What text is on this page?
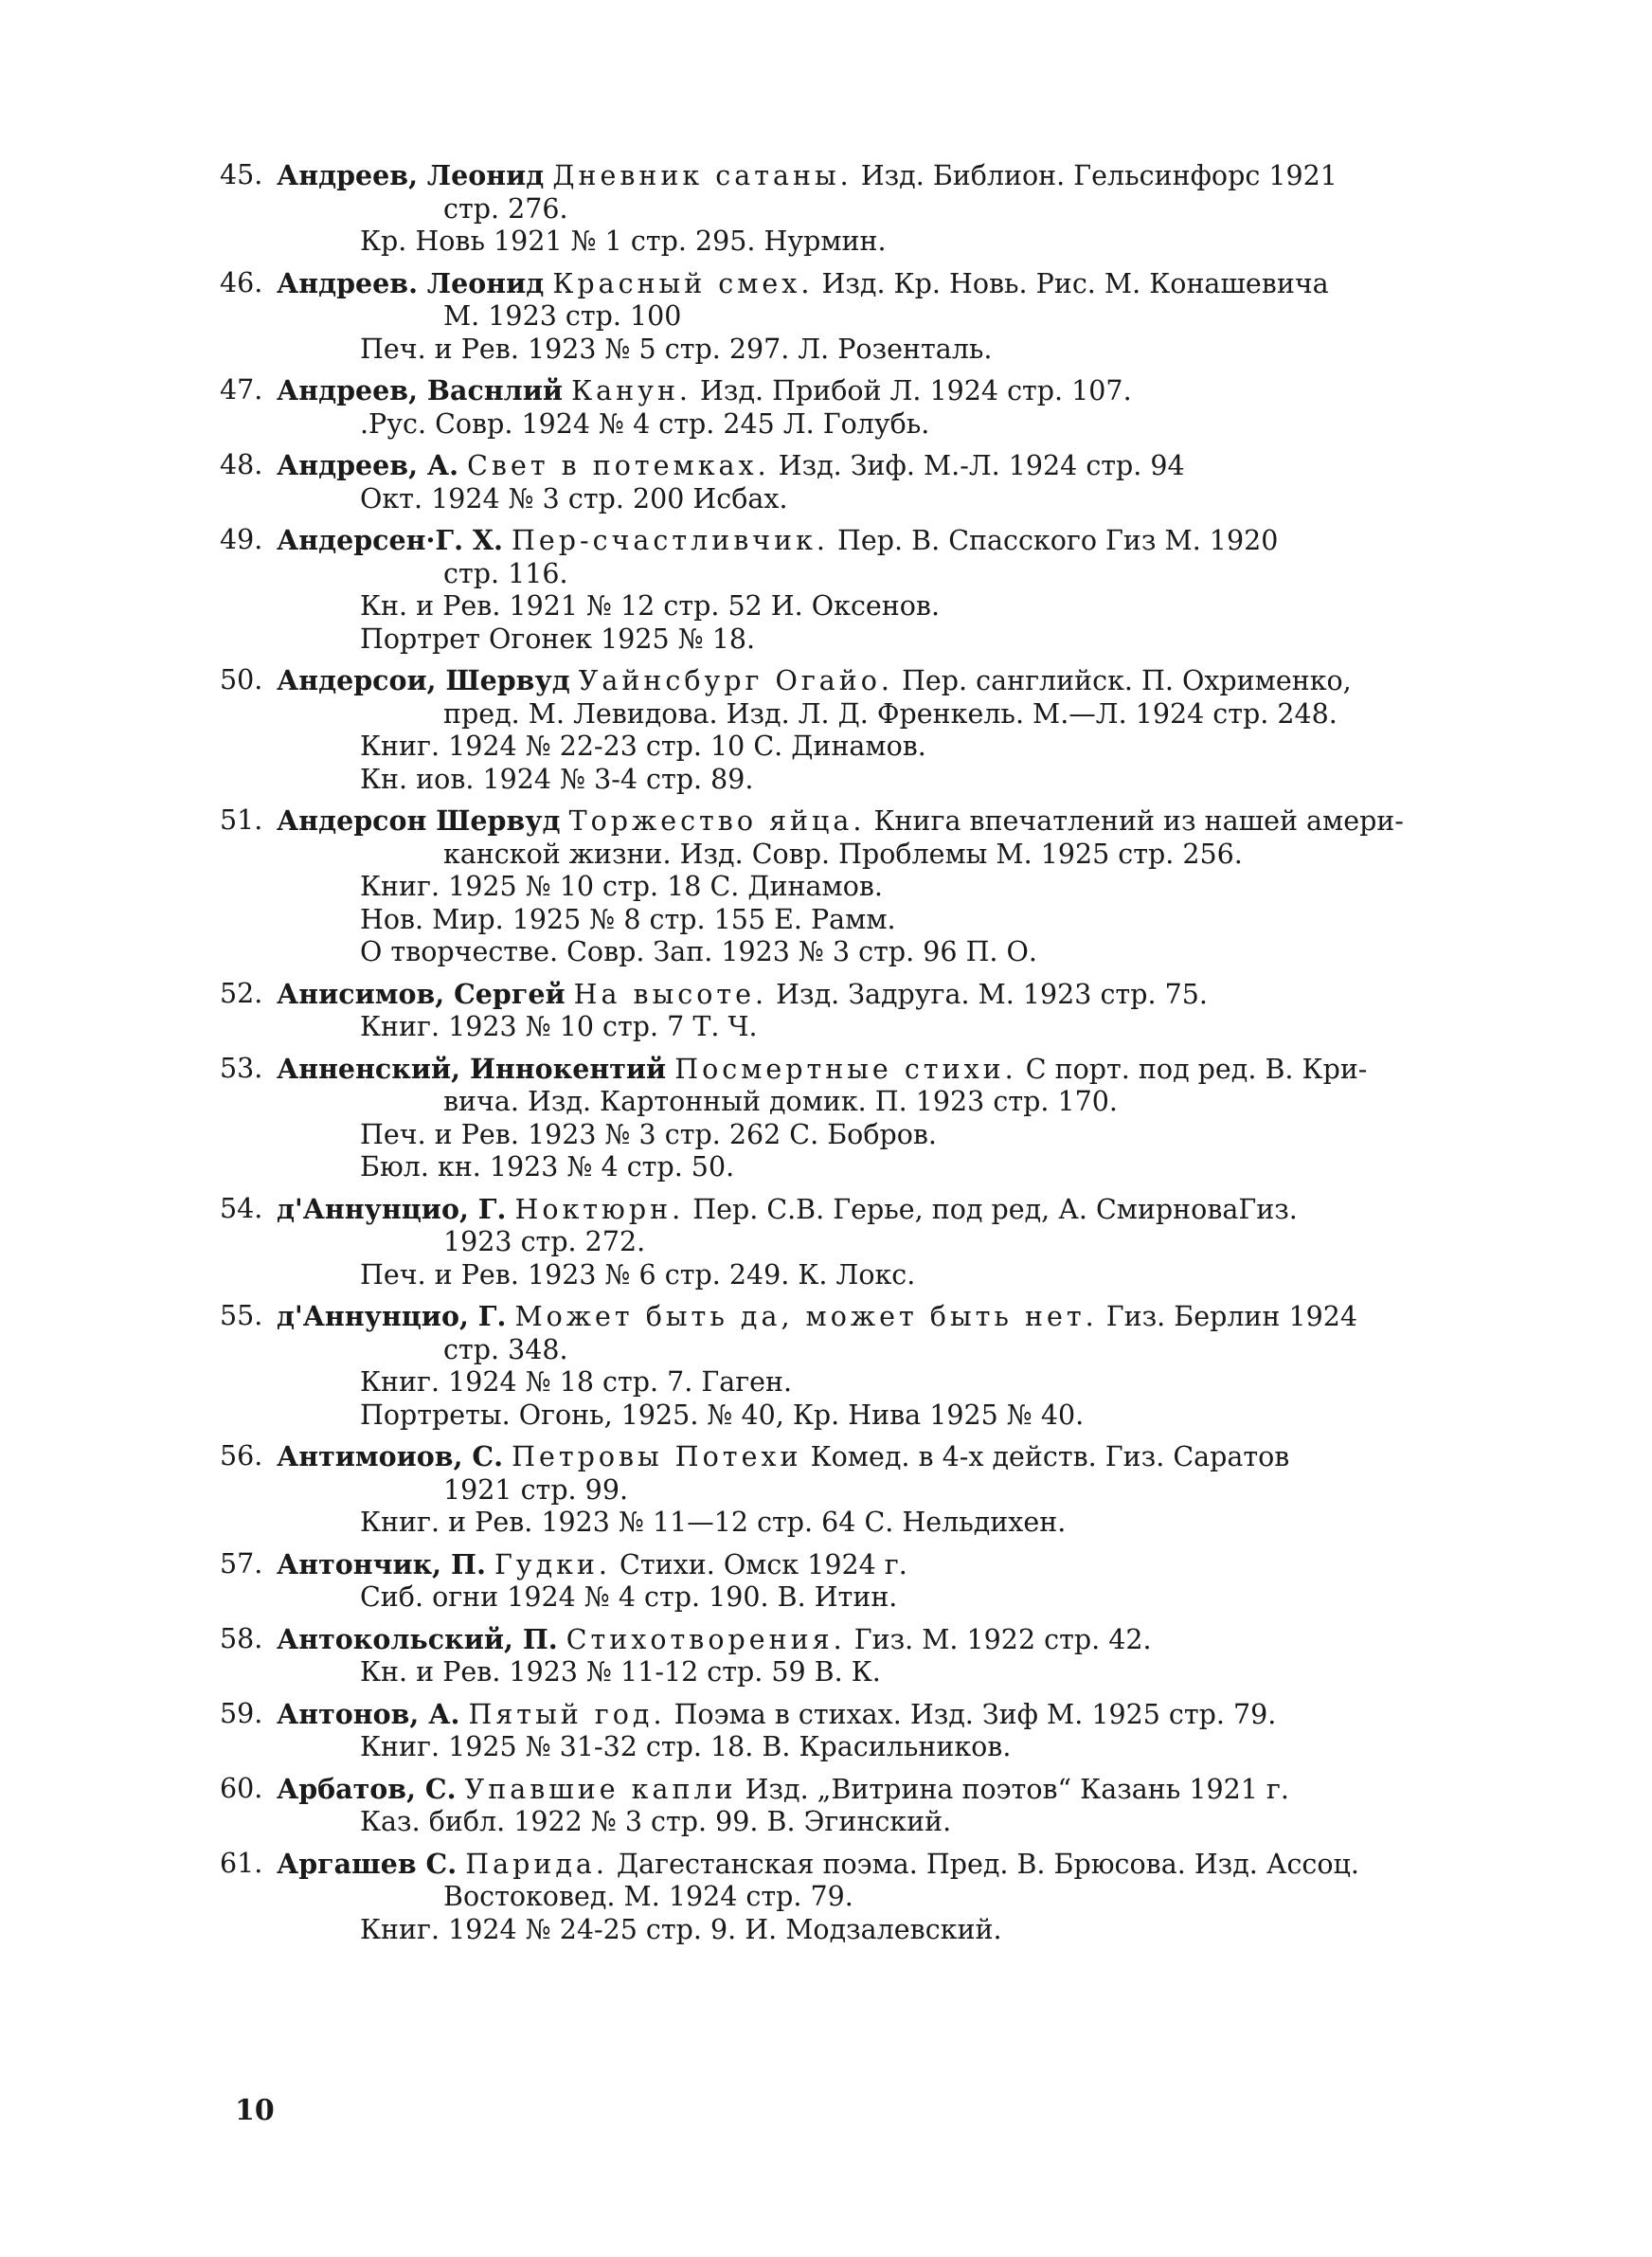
45. Андреев, Леонид Дневник сатаны. Изд. Библион. Гельсинфорс 1921
стр. 276.
Кр. Новь 1921 № 1 стр. 295. Нурмин.
46. Андреев. Леонид Красный смех. Изд. Кр. Новь. Рис. М. Конашевича
М. 1923 стр. 100
Печ. и Рев. 1923 № 5 стр. 297. Л. Розенталь.
47. Андреев, Васнлий Канун. Изд. Прибой Л. 1924 стр. 107.
.Рус. Совр. 1924 № 4 стр. 245 Л. Голубь.
48. Андреев, А. Свет в потемках. Изд. Зиф. М.-Л. 1924 стр. 94
Окт. 1924 № 3 стр. 200 Исбах.
49. Андерсен·Г. Х. Пер-счастливчик. Пер. В. Спасского Гиз М. 1920
стр. 116.
Кн. и Рев. 1921 № 12 стр. 52 И. Оксенов.
Портрет Огонек 1925 № 18.
50. Андерсои, Шервуд Уайнсбург Огайо. Пер. санглийск. П. Охрименко,
пред. М. Левидова. Изд. Л. Д. Френкель. М.—Л. 1924 стр. 248.
Книг. 1924 № 22-23 стр. 10 С. Динамов.
Кн. иов. 1924 № 3-4 стр. 89.
51. Андерсон Шервуд Торжество яйца. Книга впечатлений из нашей амери-
канской жизни. Изд. Совр. Проблемы М. 1925 стр. 256.
Книг. 1925 № 10 стр. 18 С. Динамов.
Нов. Мир. 1925 № 8 стр. 155 Е. Рамм.
О творчестве. Совр. Зап. 1923 № 3 стр. 96 П. О.
52. Анисимов, Сергей На высоте. Изд. Задруга. М. 1923 стр. 75.
Книг. 1923 № 10 стр. 7 Т. Ч.
53. Анненский, Иннокентий Посмертные стихи. С порт. под ред. В. Кри-
вича. Изд. Картонный домик. П. 1923 стр. 170.
Печ. и Рев. 1923 № 3 стр. 262 С. Бобров.
Бюл. кн. 1923 № 4 стр. 50.
54. д'Аннунцио, Г. Ноктюрн. Пер. С.В. Герье, под ред, А. СмирноваГиз.
1923 стр. 272.
Печ. и Рев. 1923 № 6 стр. 249. К. Локс.
55. д'Аннунцио, Г. Может быть да, может быть нет. Гиз. Берлин 1924
стр. 348.
Книг. 1924 № 18 стр. 7. Гаген.
Портреты. Огонь, 1925. № 40, Кр. Нива 1925 № 40.
56. Антимоиов, С. Петровы Потехи Комед. в 4-х действ. Гиз. Саратов
1921 стр. 99.
Книг. и Рев. 1923 № 11—12 стр. 64 С. Нельдихен.
57. Антончик, П. Гудки. Стихи. Омск 1924 г.
Сиб. огни 1924 № 4 стр. 190. В. Итин.
58. Антокольский, П. Стихотворения. Гиз. М. 1922 стр. 42.
Кн. и Рев. 1923 № 11-12 стр. 59 В. К.
59. Антонов, А. Пятый год. Поэма в стихах. Изд. Зиф М. 1925 стр. 79.
Книг. 1925 № 31-32 стр. 18. В. Красильников.
60. Арбатов, С. Упавшие капли Изд. „Витрина поэтов“ Казань 1921 г.
Каз. библ. 1922 № 3 стр. 99. В. Эгинский.
61. Аргашев С. Парида. Дагестанская поэма. Пред. В. Брюсова. Изд. Ассоц.
Востоковед. М. 1924 стр. 79.
Книг. 1924 № 24-25 стр. 9. И. Модзалевский.
10
